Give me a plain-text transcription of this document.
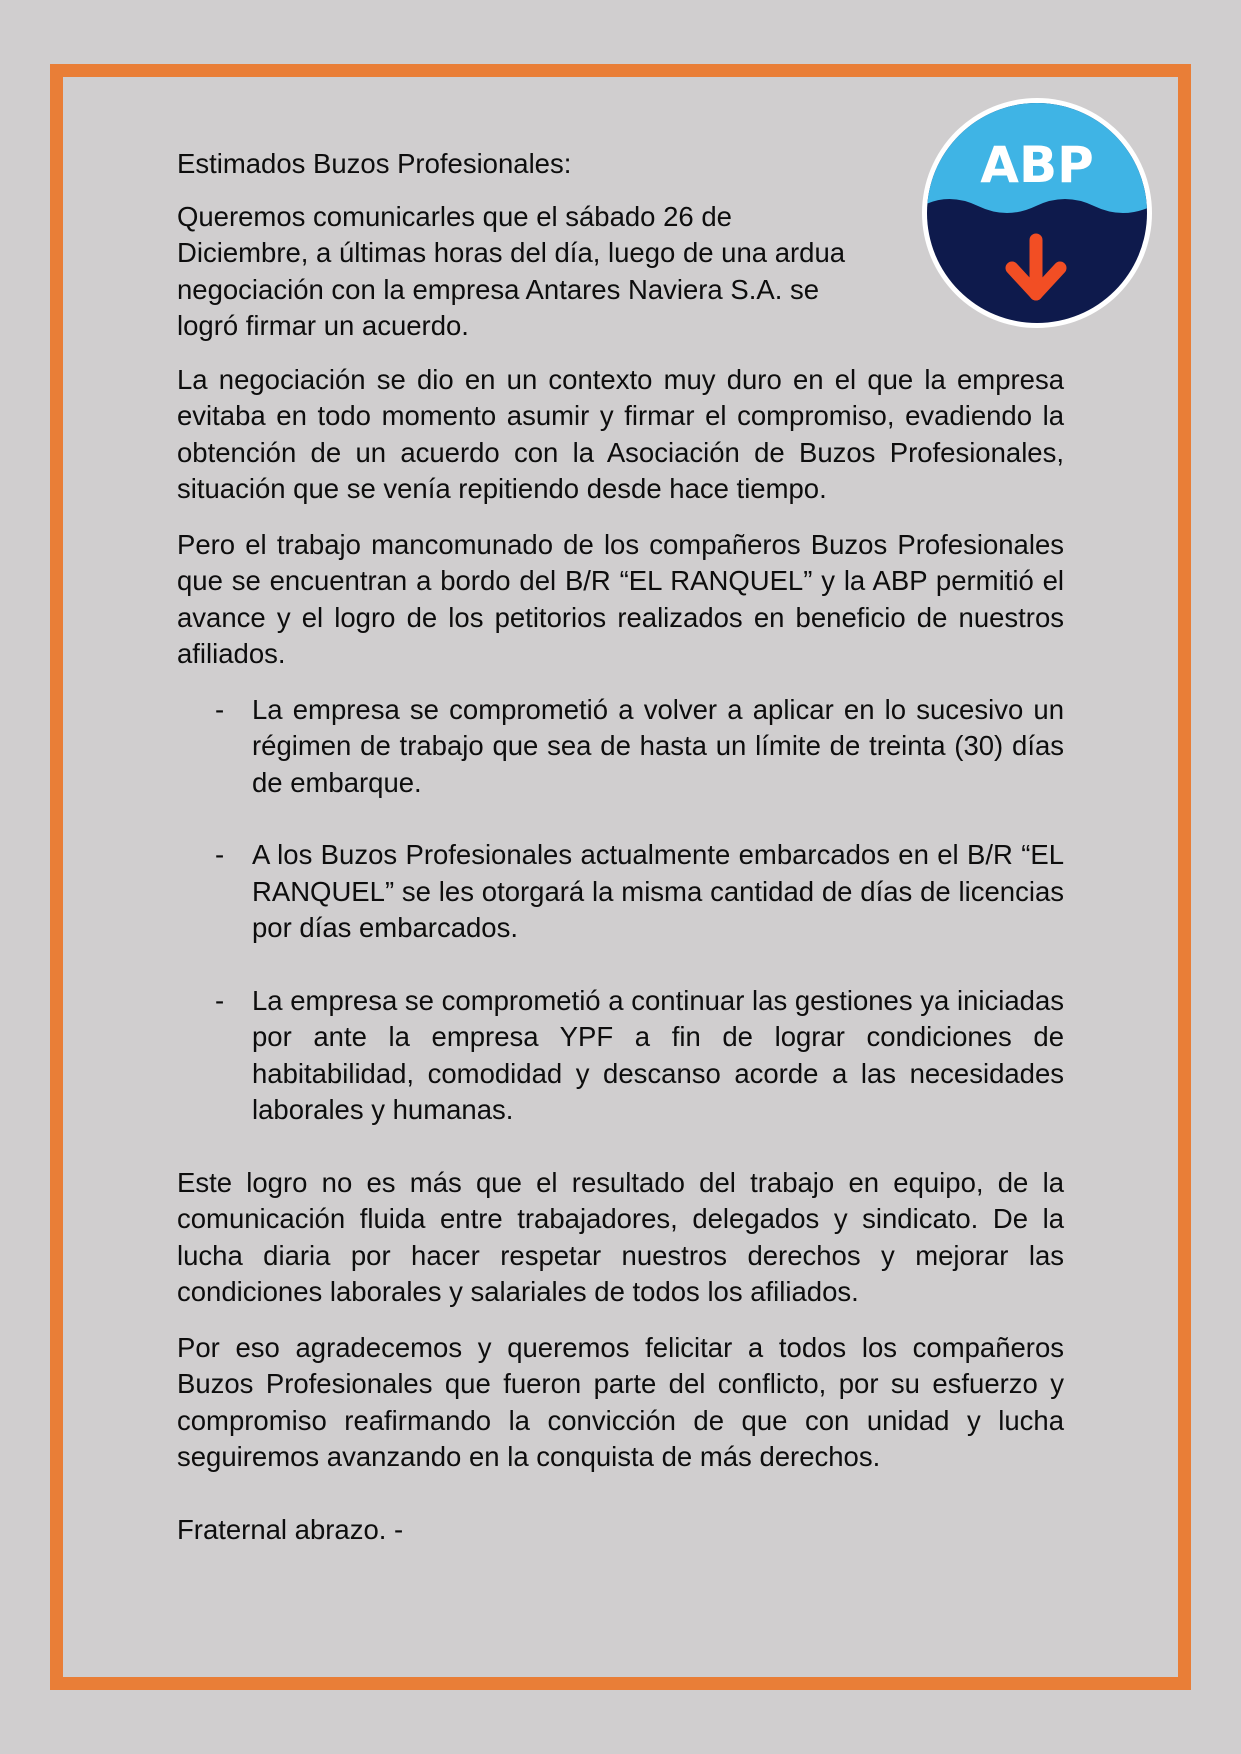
ABP

Estimados Buzos Profesionales:

Queremos comunicarles que el sábado 26 de Diciembre, a últimas horas del día, luego de una ardua negociación con la empresa Antares Naviera S.A. se logró firmar un acuerdo.

La negociación se dio en un contexto muy duro en el que la empresa evitaba en todo momento asumir y firmar el compromiso, evadiendo la obtención de un acuerdo con la Asociación de Buzos Profesionales, situación que se venía repitiendo desde hace tiempo.

Pero el trabajo mancomunado de los compañeros Buzos Profesionales que se encuentran a bordo del B/R “EL RANQUEL” y la ABP permitió el avance y el logro de los petitorios realizados en beneficio de nuestros afiliados.

- La empresa se comprometió a volver a aplicar en lo sucesivo un régimen de trabajo que sea de hasta un límite de treinta (30) días de embarque.
- A los Buzos Profesionales actualmente embarcados en el B/R “EL RANQUEL” se les otorgará la misma cantidad de días de licencias por días embarcados.
- La empresa se comprometió a continuar las gestiones ya iniciadas por ante la empresa YPF a fin de lograr condiciones de habitabilidad, comodidad y descanso acorde a las necesidades laborales y humanas.

Este logro no es más que el resultado del trabajo en equipo, de la comunicación fluida entre trabajadores, delegados y sindicato. De la lucha diaria por hacer respetar nuestros derechos y mejorar las condiciones laborales y salariales de todos los afiliados.

Por eso agradecemos y queremos felicitar a todos los compañeros Buzos Profesionales que fueron parte del conflicto, por su esfuerzo y compromiso reafirmando la convicción de que con unidad y lucha seguiremos avanzando en la conquista de más derechos.

Fraternal abrazo. -
